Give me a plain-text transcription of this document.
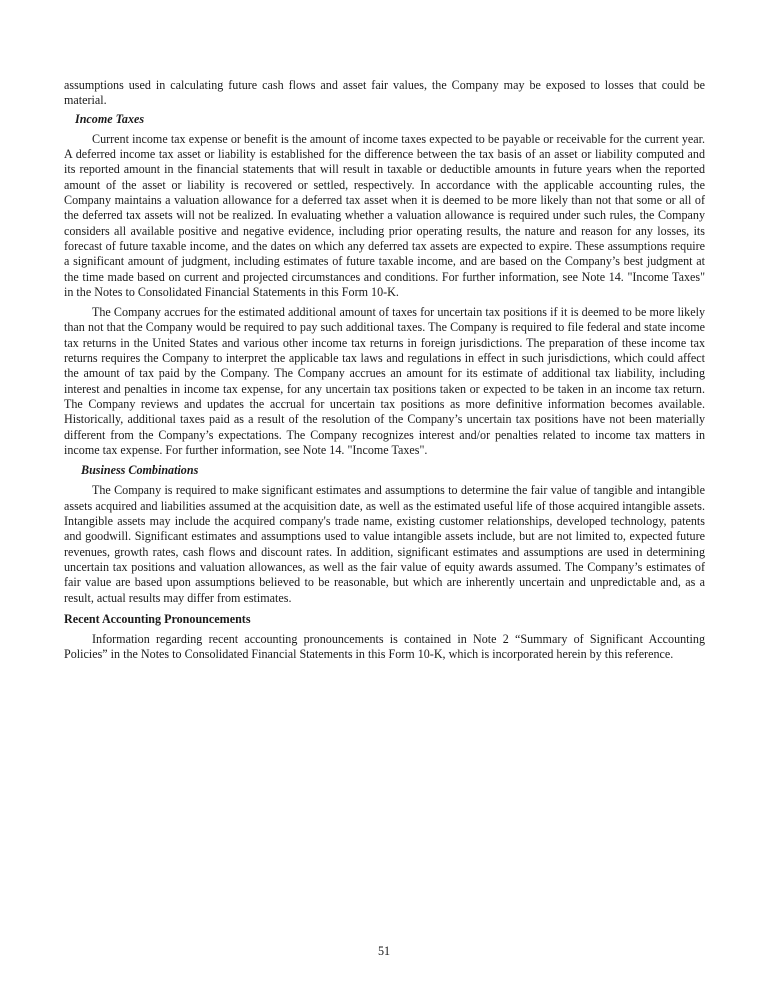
assumptions used in calculating future cash flows and asset fair values, the Company may be exposed to losses that could be material.

Income Taxes

Current income tax expense or benefit is the amount of income taxes expected to be payable or receivable for the current year. A deferred income tax asset or liability is established for the difference between the tax basis of an asset or liability computed and its reported amount in the financial statements that will result in taxable or deductible amounts in future years when the reported amount of the asset or liability is recovered or settled, respectively. In accordance with the applicable accounting rules, the Company maintains a valuation allowance for a deferred tax asset when it is deemed to be more likely than not that some or all of the deferred tax assets will not be realized. In evaluating whether a valuation allowance is required under such rules, the Company considers all available positive and negative evidence, including prior operating results, the nature and reason for any losses, its forecast of future taxable income, and the dates on which any deferred tax assets are expected to expire. These assumptions require a significant amount of judgment, including estimates of future taxable income, and are based on the Company’s best judgment at the time made based on current and projected circumstances and conditions. For further information, see Note 14. "Income Taxes" in the Notes to Consolidated Financial Statements in this Form 10-K.

The Company accrues for the estimated additional amount of taxes for uncertain tax positions if it is deemed to be more likely than not that the Company would be required to pay such additional taxes. The Company is required to file federal and state income tax returns in the United States and various other income tax returns in foreign jurisdictions. The preparation of these income tax returns requires the Company to interpret the applicable tax laws and regulations in effect in such jurisdictions, which could affect the amount of tax paid by the Company. The Company accrues an amount for its estimate of additional tax liability, including interest and penalties in income tax expense, for any uncertain tax positions taken or expected to be taken in an income tax return. The Company reviews and updates the accrual for uncertain tax positions as more definitive information becomes available. Historically, additional taxes paid as a result of the resolution of the Company’s uncertain tax positions have not been materially different from the Company’s expectations. The Company recognizes interest and/or penalties related to income tax matters in income tax expense. For further information, see Note 14. "Income Taxes".

Business Combinations

The Company is required to make significant estimates and assumptions to determine the fair value of tangible and intangible assets acquired and liabilities assumed at the acquisition date, as well as the estimated useful life of those acquired intangible assets. Intangible assets may include the acquired company's trade name, existing customer relationships, developed technology, patents and goodwill. Significant estimates and assumptions used to value intangible assets include, but are not limited to, expected future revenues, growth rates, cash flows and discount rates. In addition, significant estimates and assumptions are used in determining uncertain tax positions and valuation allowances, as well as the fair value of equity awards assumed. The Company’s estimates of fair value are based upon assumptions believed to be reasonable, but which are inherently uncertain and unpredictable and, as a result, actual results may differ from estimates.

Recent Accounting Pronouncements

Information regarding recent accounting pronouncements is contained in Note 2 “Summary of Significant Accounting Policies” in the Notes to Consolidated Financial Statements in this Form 10-K, which is incorporated herein by this reference.

51
